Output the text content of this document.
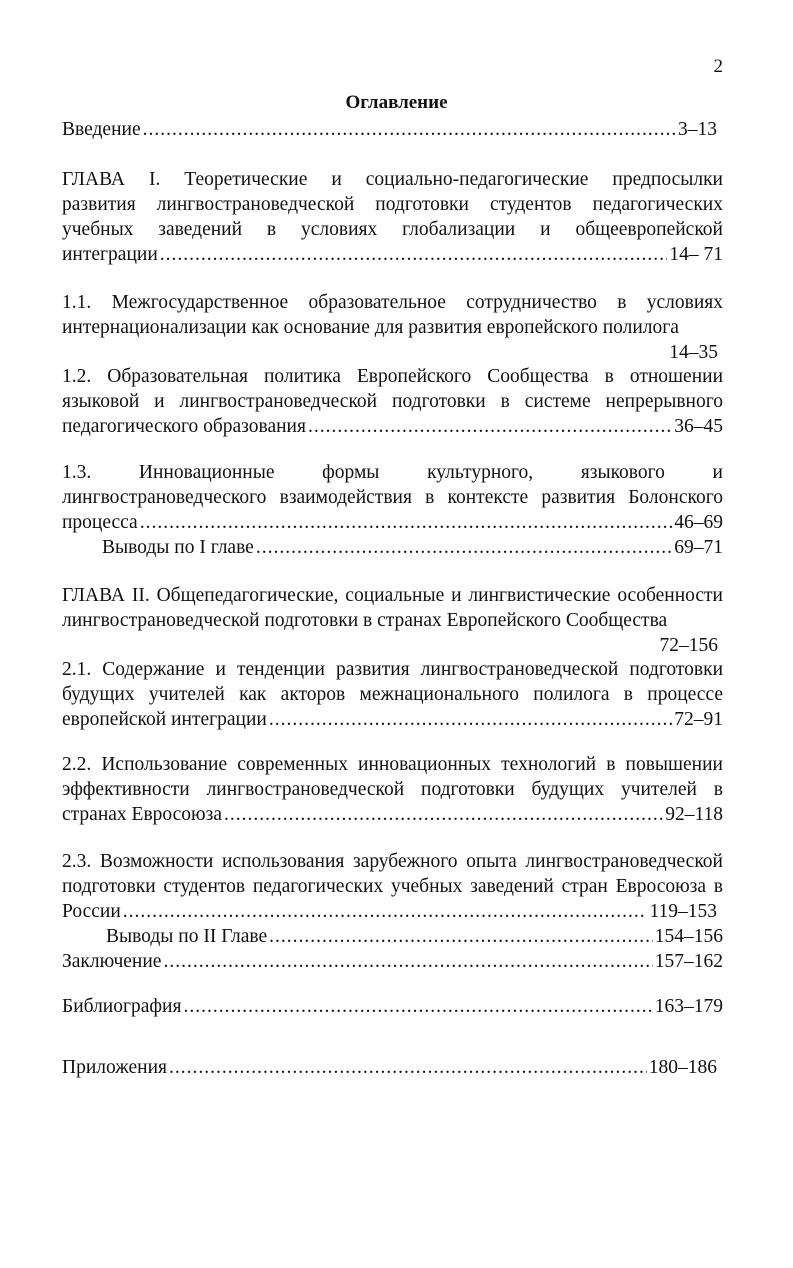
2
Оглавление
Введение .....	3–13
ГЛАВА I. Теоретические и социально-педагогические предпосылки
развития лингвострановедческой подготовки студентов педагогических
учебных заведений в условиях глобализации и общеевропейской
интеграции .....	14– 71
1.1. Межгосударственное образовательное сотрудничество в условиях
интернационализации как основание для развития европейского полилога
14–35
1.2. Образовательная политика Европейского Сообщества в отношении
языковой и лингвострановедческой подготовки в системе непрерывного
педагогического образования .....	36–45
1.3. Инновационные формы культурного, языкового и
лингвострановедческого взаимодействия в контексте развития Болонского
процесса .....	46–69
Выводы по I главе .....	69–71
ГЛАВА II. Общепедагогические, социальные и лингвистические особенности
лингвострановедческой подготовки в странах Европейского Сообщества
72–156
2.1. Содержание и тенденции развития лингвострановедческой подготовки
будущих учителей как акторов межнационального полилога в процессе
европейской интеграции .....	72–91
2.2. Использование современных инновационных технологий в повышении
эффективности лингвострановедческой подготовки будущих учителей в
странах Евросоюза .....	92–118
2.3. Возможности использования зарубежного опыта лингвострановедческой
подготовки студентов педагогических учебных заведений стран Евросоюза в
России .....	119–153
Выводы по II Главе .....	154–156
Заключение .....	157–162
Библиография .....	163–179
Приложения .....	180–186
